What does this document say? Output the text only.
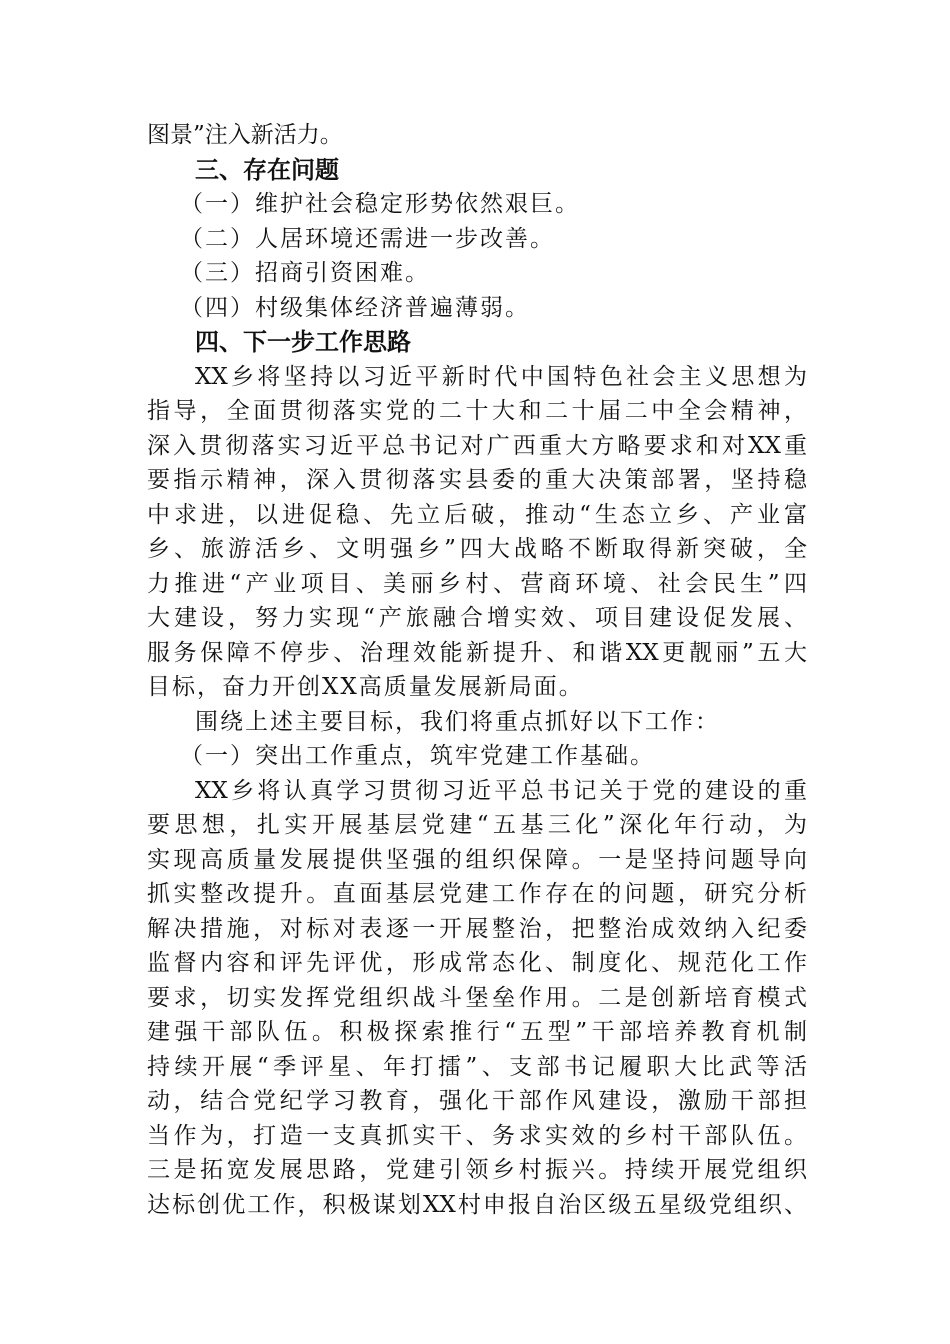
图景”注入新活力。
三、存在问题
（一）维护社会稳定形势依然艰巨。
（二）人居环境还需进一步改善。
（三）招商引资困难。
（四）村级集体经济普遍薄弱。
四、下一步工作思路
XX乡将坚持以习近平新时代中国特色社会主义思想为
指导，全面贯彻落实党的二十大和二十届二中全会精神，
深入贯彻落实习近平总书记对广西重大方略要求和对XX重
要指示精神，深入贯彻落实县委的重大决策部署，坚持稳
中求进，以进促稳、先立后破，推动“生态立乡、产业富
乡、旅游活乡、文明强乡”四大战略不断取得新突破，全
力推进“产业项目、美丽乡村、营商环境、社会民生”四
大建设，努力实现“产旅融合增实效、项目建设促发展、
服务保障不停步、治理效能新提升、和谐XX更靓丽”五大
目标，奋力开创XX高质量发展新局面。
围绕上述主要目标，我们将重点抓好以下工作：
（一）突出工作重点，筑牢党建工作基础。
XX乡将认真学习贯彻习近平总书记关于党的建设的重
要思想，扎实开展基层党建“五基三化”深化年行动，为
实现高质量发展提供坚强的组织保障。一是坚持问题导向
抓实整改提升。直面基层党建工作存在的问题，研究分析
解决措施，对标对表逐一开展整治，把整治成效纳入纪委
监督内容和评先评优，形成常态化、制度化、规范化工作
要求，切实发挥党组织战斗堡垒作用。二是创新培育模式
建强干部队伍。积极探索推行“五型”干部培养教育机制
持续开展“季评星、年打擂”、支部书记履职大比武等活
动，结合党纪学习教育，强化干部作风建设，激励干部担
当作为，打造一支真抓实干、务求实效的乡村干部队伍。
三是拓宽发展思路，党建引领乡村振兴。持续开展党组织
达标创优工作，积极谋划XX村申报自治区级五星级党组织、
